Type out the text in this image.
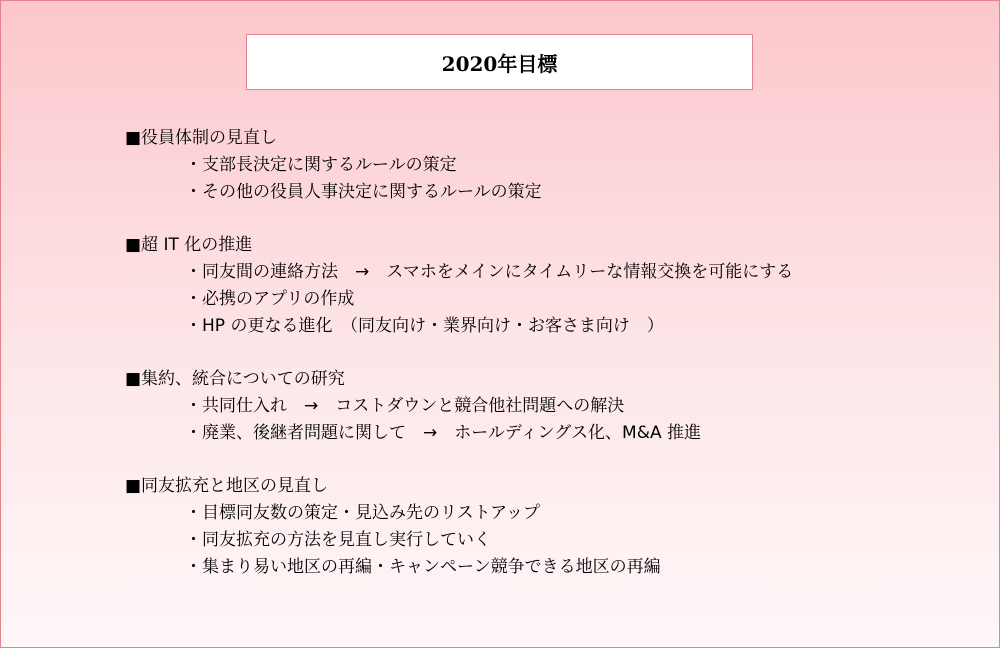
2020年目標
■役員体制の見直し
・支部長決定に関するルールの策定
・その他の役員人事決定に関するルールの策定
■超 IT 化の推進
・同友間の連絡方法　→　スマホをメインにタイムリーな情報交換を可能にする
・必携のアプリの作成
・HP の更なる進化　（同友向け・業界向け・お客さま向け　）
■集約、統合についての研究
・共同仕入れ　→　コストダウンと競合他社問題への解決
・廃業、後継者問題に関して　→　ホールディングス化、M&A 推進
■同友拡充と地区の見直し
・目標同友数の策定・見込み先のリストアップ
・同友拡充の方法を見直し実行していく
・集まり易い地区の再編・キャンペーン競争できる地区の再編
